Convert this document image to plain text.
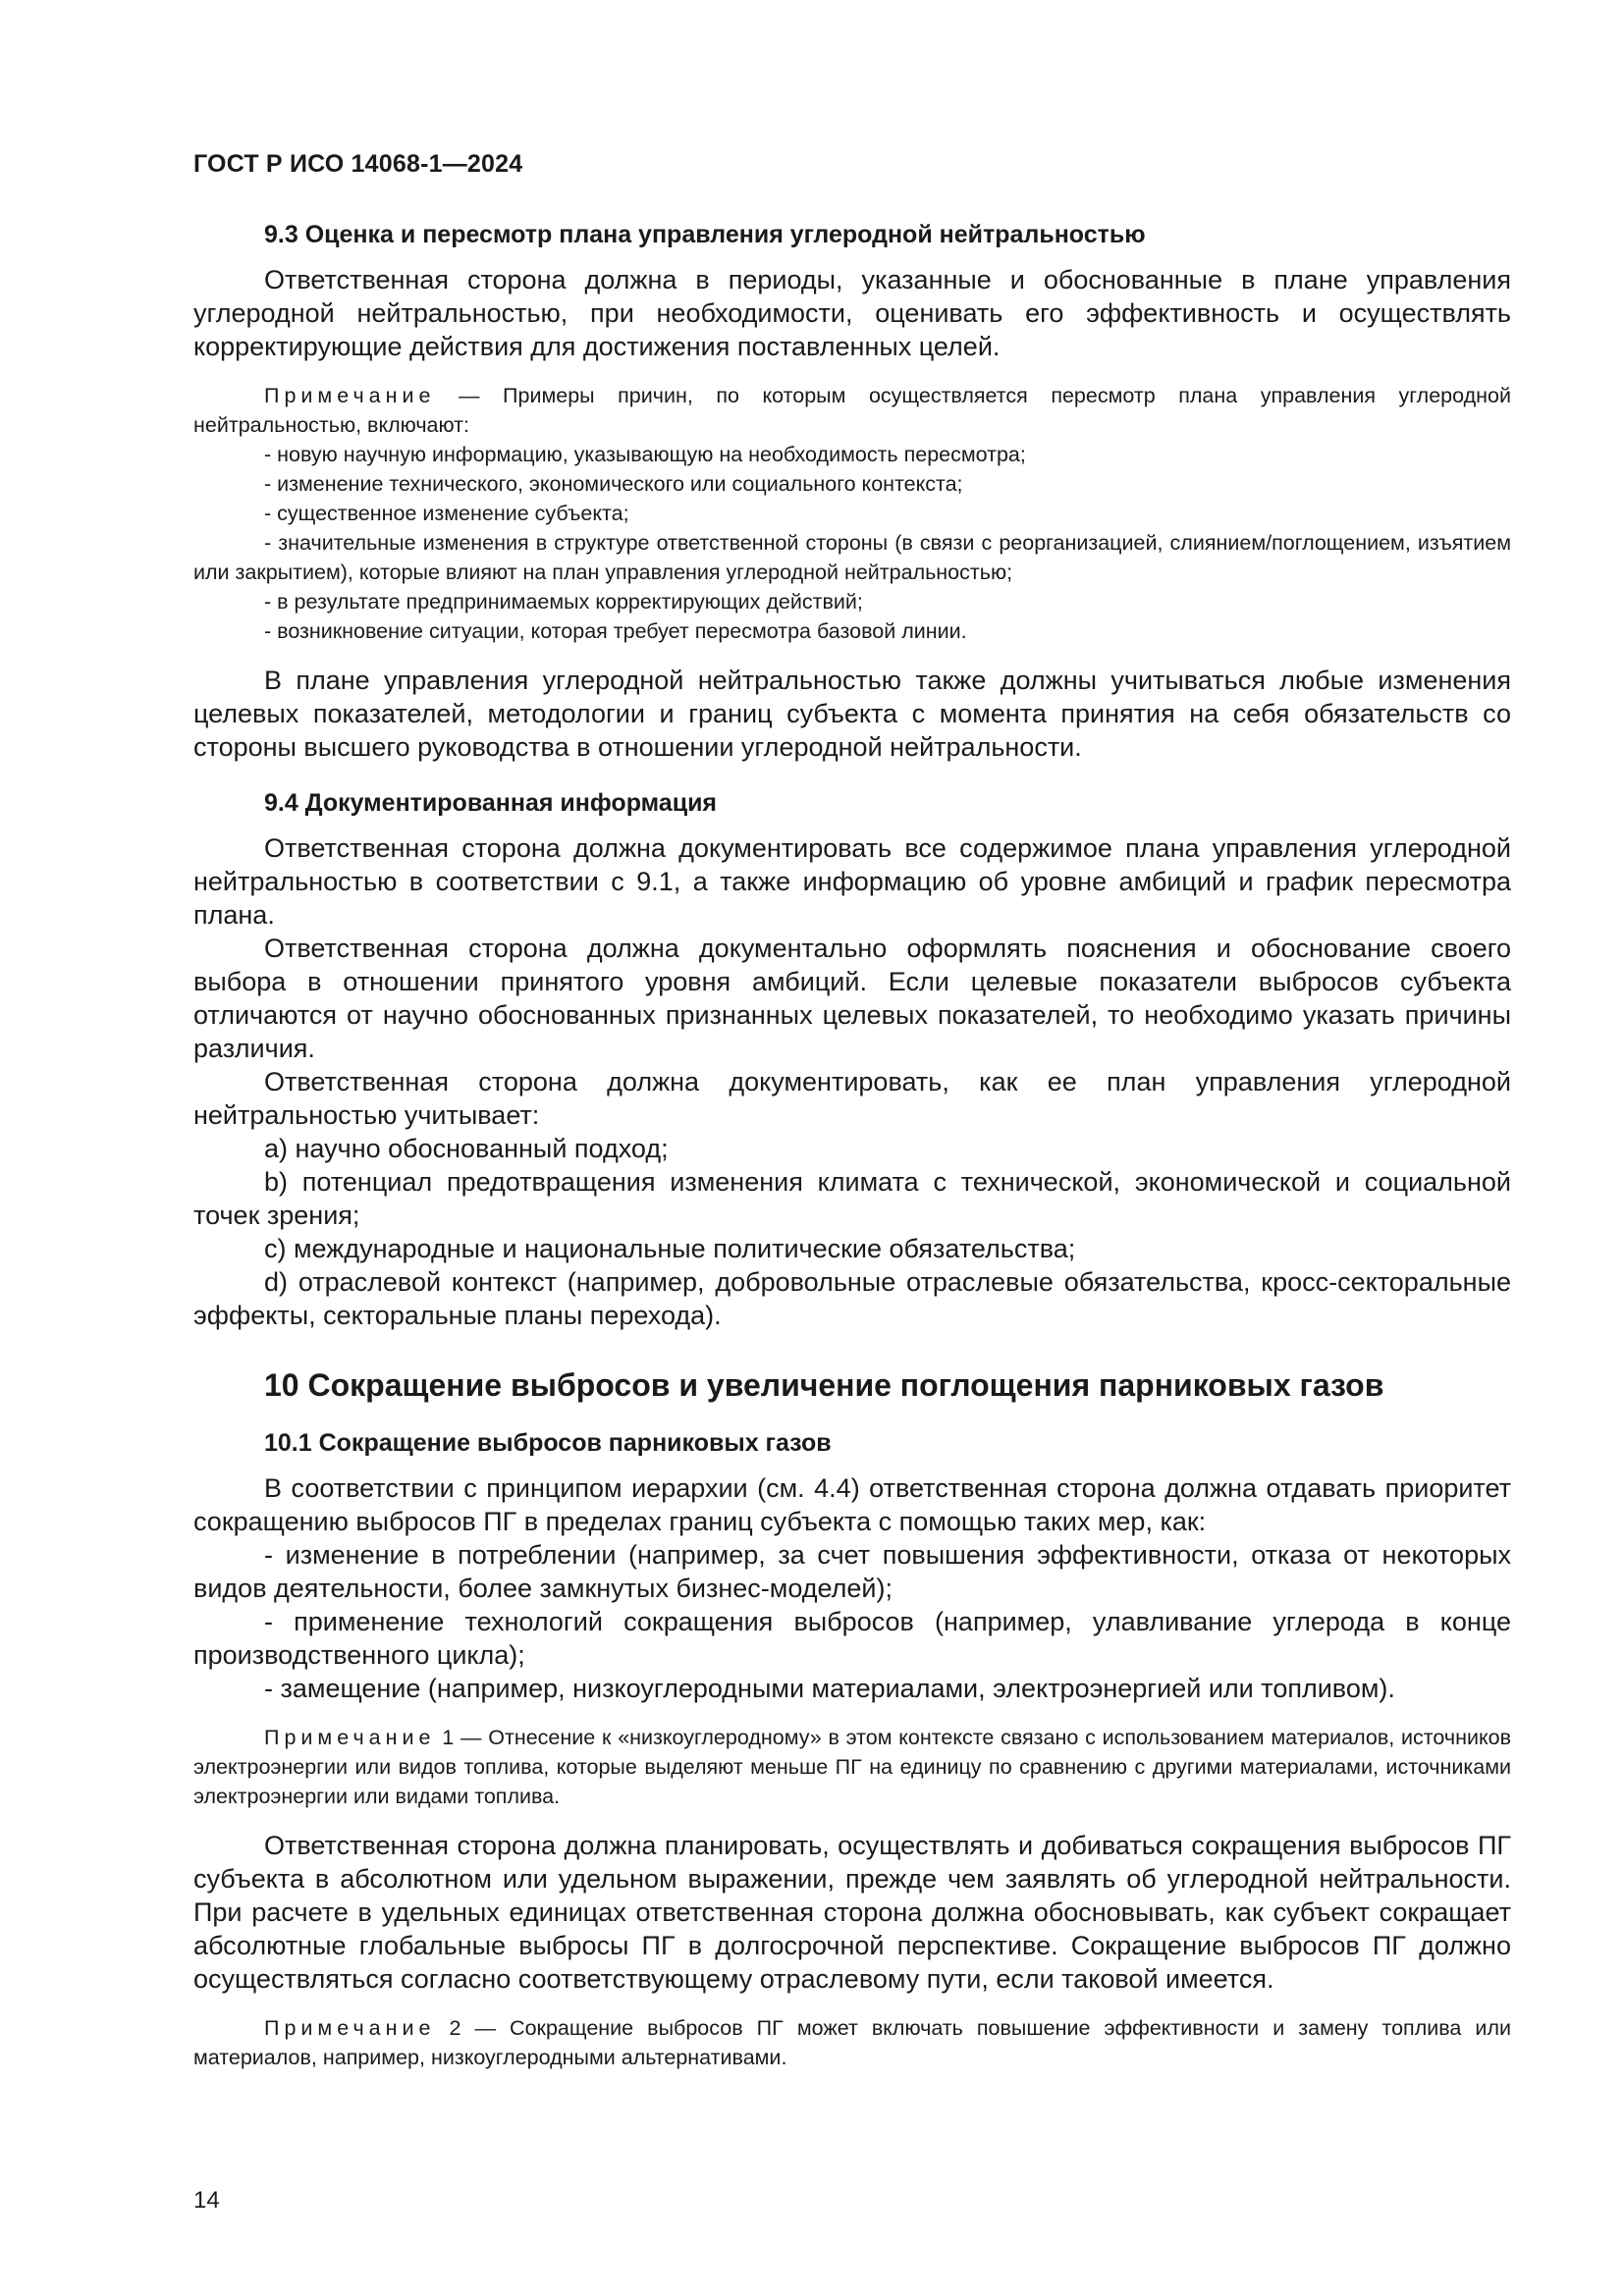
ГОСТ Р ИСО 14068-1—2024
9.3 Оценка и пересмотр плана управления углеродной нейтральностью

Ответственная сторона должна в периоды, указанные и обоснованные в плане управления углеродной нейтральностью, при необходимости, оценивать его эффективность и осуществлять корректирующие действия для достижения поставленных целей.

Примечание — Примеры причин, по которым осуществляется пересмотр плана управления углеродной нейтральностью, включают:

- новую научную информацию, указывающую на необходимость пересмотра;

- изменение технического, экономического или социального контекста;

- существенное изменение субъекта;

- значительные изменения в структуре ответственной стороны (в связи с реорганизацией, слиянием/поглощением, изъятием или закрытием), которые влияют на план управления углеродной нейтральностью;

- в результате предпринимаемых корректирующих действий;

- возникновение ситуации, которая требует пересмотра базовой линии.

В плане управления углеродной нейтральностью также должны учитываться любые изменения целевых показателей, методологии и границ субъекта с момента принятия на себя обязательств со стороны высшего руководства в отношении углеродной нейтральности.

9.4 Документированная информация

Ответственная сторона должна документировать все содержимое плана управления углеродной нейтральностью в соответствии с 9.1, а также информацию об уровне амбиций и график пересмотра плана.

Ответственная сторона должна документально оформлять пояснения и обоснование своего выбора в отношении принятого уровня амбиций. Если целевые показатели выбросов субъекта отличаются от научно обоснованных признанных целевых показателей, то необходимо указать причины различия.

Ответственная сторона должна документировать, как ее план управления углеродной нейтральностью учитывает:

a) научно обоснованный подход;

b) потенциал предотвращения изменения климата с технической, экономической и социальной точек зрения;

c) международные и национальные политические обязательства;

d) отраслевой контекст (например, добровольные отраслевые обязательства, кросс-секторальные эффекты, секторальные планы перехода).

10 Сокращение выбросов и увеличение поглощения парниковых газов
10.1 Сокращение выбросов парниковых газов

В соответствии с принципом иерархии (см. 4.4) ответственная сторона должна отдавать приоритет сокращению выбросов ПГ в пределах границ субъекта с помощью таких мер, как:

- изменение в потреблении (например, за счет повышения эффективности, отказа от некоторых видов деятельности, более замкнутых бизнес-моделей);

- применение технологий сокращения выбросов (например, улавливание углерода в конце производственного цикла);

- замещение (например, низкоуглеродными материалами, электроэнергией или топливом).

Примечание 1 — Отнесение к «низкоуглеродному» в этом контексте связано с использованием материалов, источников электроэнергии или видов топлива, которые выделяют меньше ПГ на единицу по сравнению с другими материалами, источниками электроэнергии или видами топлива.

Ответственная сторона должна планировать, осуществлять и добиваться сокращения выбросов ПГ субъекта в абсолютном или удельном выражении, прежде чем заявлять об углеродной нейтральности. При расчете в удельных единицах ответственная сторона должна обосновывать, как субъект сокращает абсолютные глобальные выбросы ПГ в долгосрочной перспективе. Сокращение выбросов ПГ должно осуществляться согласно соответствующему отраслевому пути, если таковой имеется.

Примечание 2 — Сокращение выбросов ПГ может включать повышение эффективности и замену топлива или материалов, например, низкоуглеродными альтернативами.

14
